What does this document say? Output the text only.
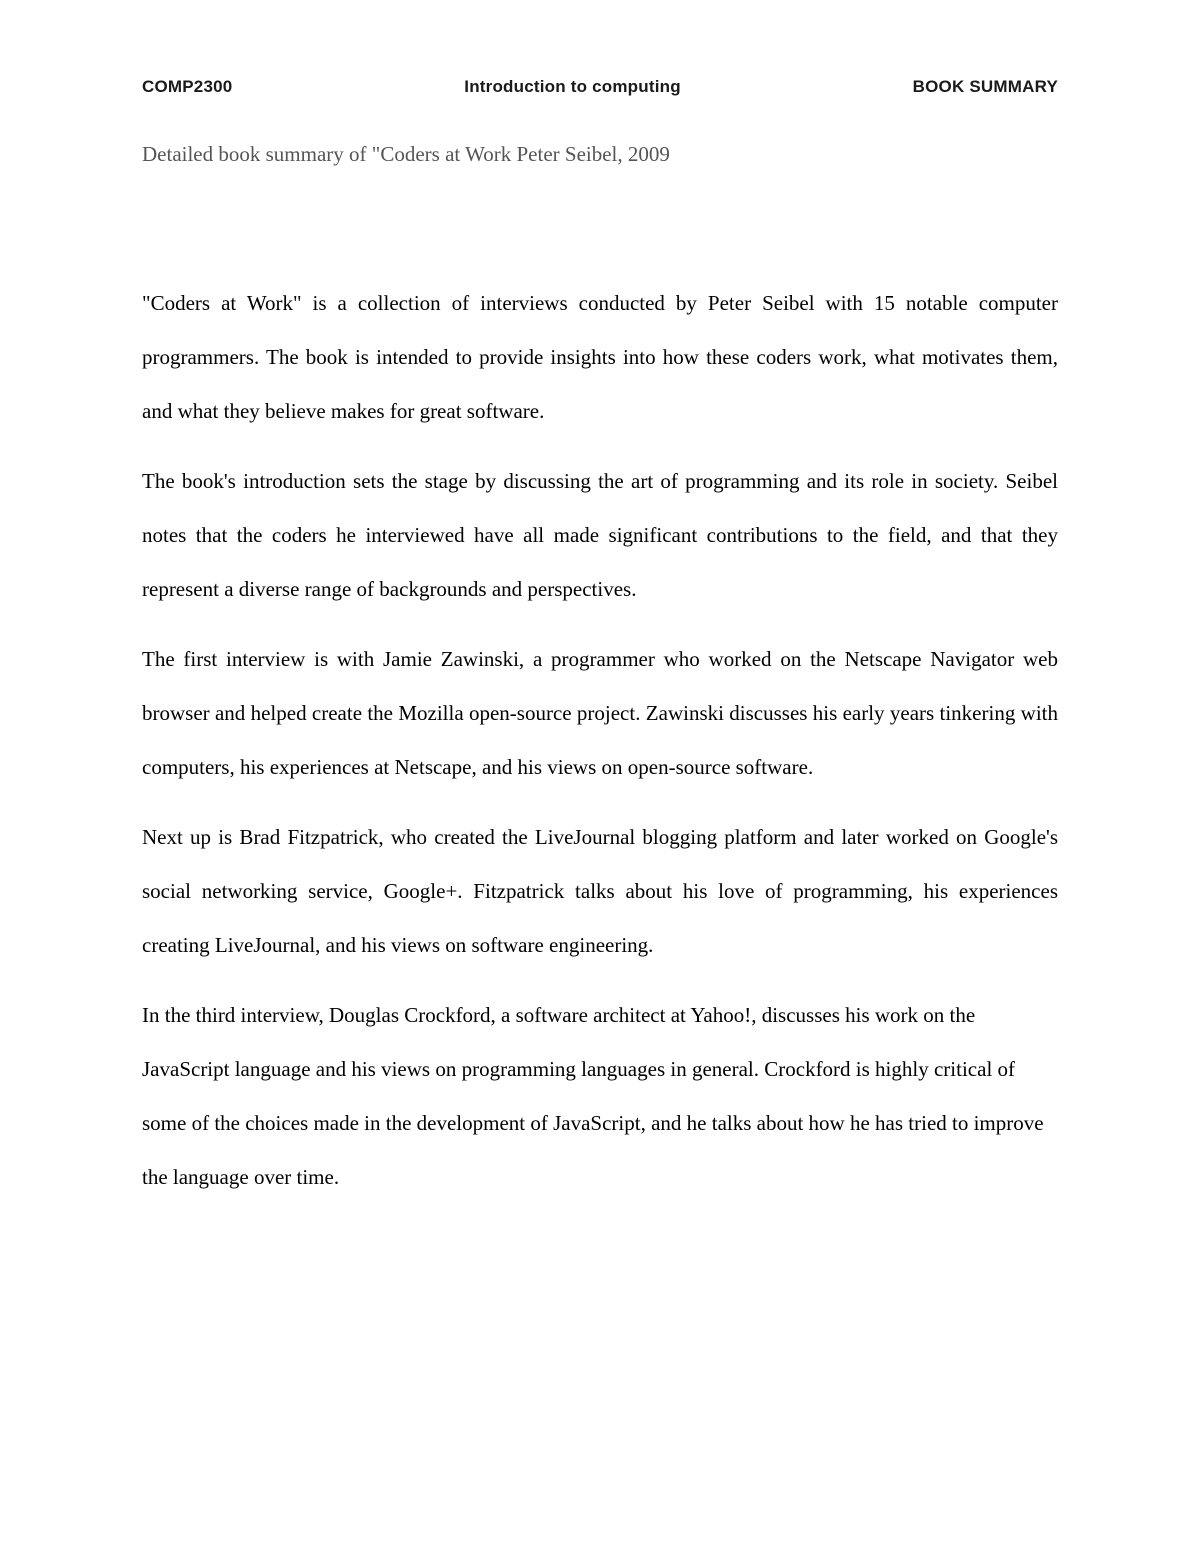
COMP2300	Introduction to computing	BOOK SUMMARY
Detailed book summary of "Coders at Work Peter Seibel, 2009

"Coders at Work" is a collection of interviews conducted by Peter Seibel with 15 notable computer programmers. The book is intended to provide insights into how these coders work, what motivates them, and what they believe makes for great software.

The book's introduction sets the stage by discussing the art of programming and its role in society. Seibel notes that the coders he interviewed have all made significant contributions to the field, and that they represent a diverse range of backgrounds and perspectives.

The first interview is with Jamie Zawinski, a programmer who worked on the Netscape Navigator web browser and helped create the Mozilla open-source project. Zawinski discusses his early years tinkering with computers, his experiences at Netscape, and his views on open-source software.

Next up is Brad Fitzpatrick, who created the LiveJournal blogging platform and later worked on Google's social networking service, Google+. Fitzpatrick talks about his love of programming, his experiences creating LiveJournal, and his views on software engineering.

In the third interview, Douglas Crockford, a software architect at Yahoo!, discusses his work on the JavaScript language and his views on programming languages in general. Crockford is highly critical of some of the choices made in the development of JavaScript, and he talks about how he has tried to improve the language over time.
